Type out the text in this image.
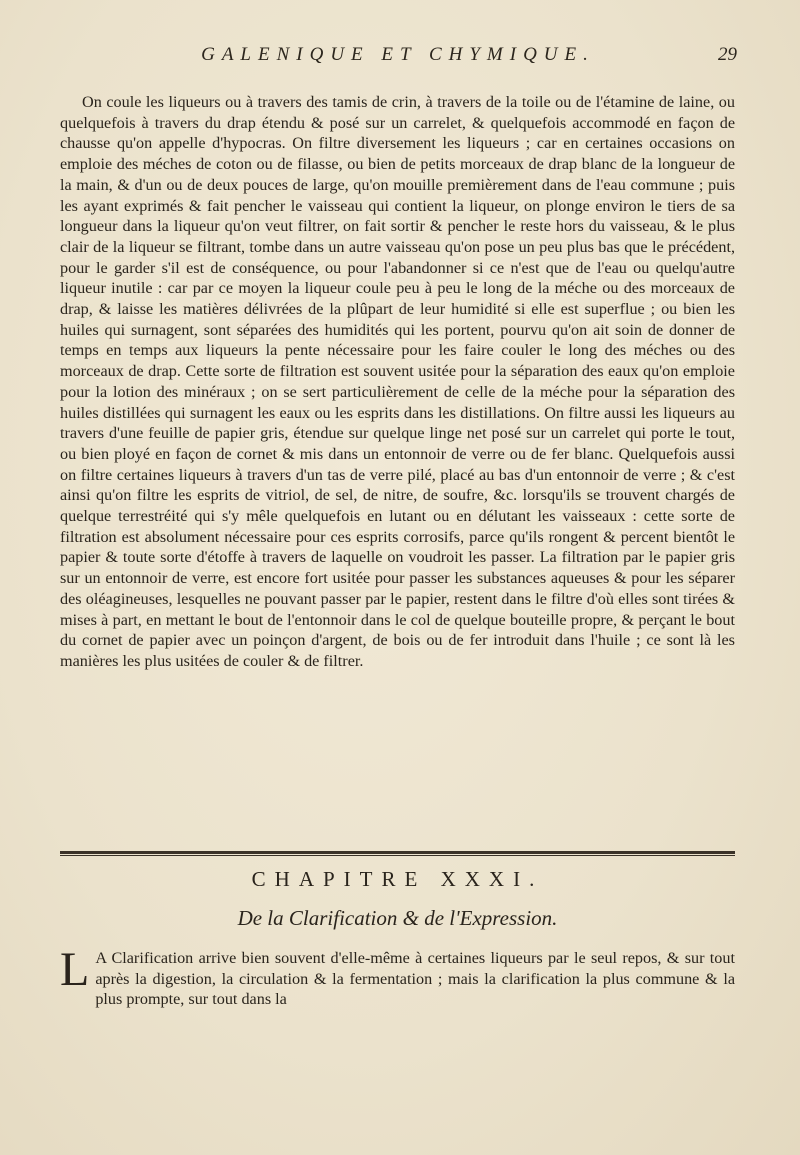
GALENIQUE ET CHYMIQUE.	29

On coule les liqueurs ou à travers des tamis de crin, à travers de la toile ou de l'étamine de laine, ou quelquefois à travers du drap étendu & posé sur un carrelet, & quelquefois accommodé en façon de chausse qu'on appelle d'hypocras. On filtre diversement les liqueurs ; car en certaines occasions on emploie des méches de coton ou de filasse, ou bien de petits morceaux de drap blanc de la longueur de la main, & d'un ou de deux pouces de large, qu'on mouille premièrement dans de l'eau commune ; puis les ayant exprimés & fait pencher le vaisseau qui contient la liqueur, on plonge environ le tiers de sa longueur dans la liqueur qu'on veut filtrer, on fait sortir & pencher le reste hors du vaisseau, & le plus clair de la liqueur se filtrant, tombe dans un autre vaisseau qu'on pose un peu plus bas que le précédent, pour le garder s'il est de conséquence, ou pour l'abandonner si ce n'est que de l'eau ou quelqu'autre liqueur inutile : car par ce moyen la liqueur coule peu à peu le long de la méche ou des morceaux de drap, & laisse les matières délivrées de la plûpart de leur humidité si elle est superflue ; ou bien les huiles qui surnagent, sont séparées des humidités qui les portent, pourvu qu'on ait soin de donner de temps en temps aux liqueurs la pente nécessaire pour les faire couler le long des méches ou des morceaux de drap. Cette sorte de filtration est souvent usitée pour la séparation des eaux qu'on emploie pour la lotion des minéraux ; on se sert particulièrement de celle de la méche pour la séparation des huiles distillées qui surnagent les eaux ou les esprits dans les distillations. On filtre aussi les liqueurs au travers d'une feuille de papier gris, étendue sur quelque linge net posé sur un carrelet qui porte le tout, ou bien ployé en façon de cornet & mis dans un entonnoir de verre ou de fer blanc. Quelquefois aussi on filtre certaines liqueurs à travers d'un tas de verre pilé, placé au bas d'un entonnoir de verre ; & c'est ainsi qu'on filtre les esprits de vitriol, de sel, de nitre, de soufre, &c. lorsqu'ils se trouvent chargés de quelque terrestréité qui s'y mêle quelquefois en lutant ou en délutant les vaisseaux : cette sorte de filtration est absolument nécessaire pour ces esprits corrosifs, parce qu'ils rongent & percent bientôt le papier & toute sorte d'étoffe à travers de laquelle on voudroit les passer. La filtration par le papier gris sur un entonnoir de verre, est encore fort usitée pour passer les substances aqueuses & pour les séparer des oléagineuses, lesquelles ne pouvant passer par le papier, restent dans le filtre d'où elles sont tirées & mises à part, en mettant le bout de l'entonnoir dans le col de quelque bouteille propre, & perçant le bout du cornet de papier avec un poinçon d'argent, de bois ou de fer introduit dans l'huile ; ce sont là les manières les plus usitées de couler & de filtrer.

CHAPITRE XXXI.
De la Clarification & de l'Expression.

L A Clarification arrive bien souvent d'elle-même à certaines liqueurs par le seul repos, & sur tout après la digestion, la circulation & la fermentation ; mais la clarification la plus commune & la plus prompte, sur tout dans la
